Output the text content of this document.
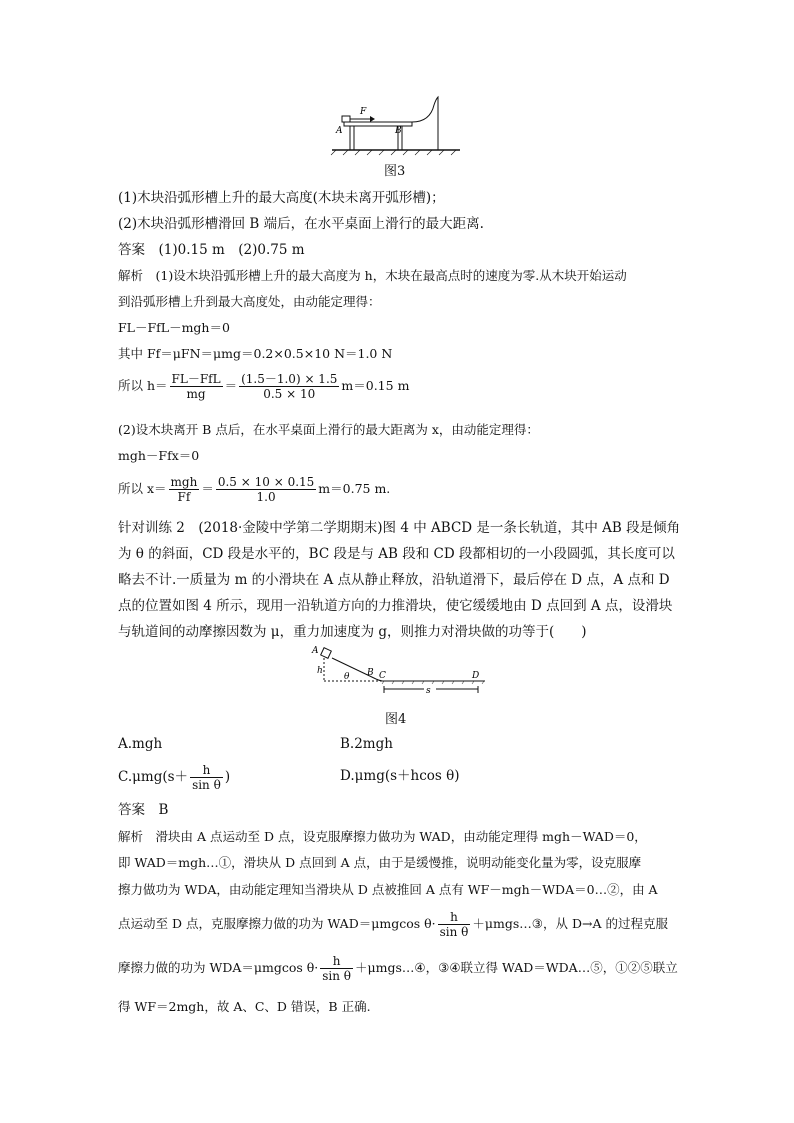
A	B
F
图3
(1)木块沿弧形槽上升的最大高度(木块未离开弧形槽)；
(2)木块沿弧形槽滑回 B 端后，在水平桌面上滑行的最大距离.
答案　(1)0.15 m　(2)0.75 m
解析　(1)设木块沿弧形槽上升的最大高度为 h，木块在最高点时的速度为零.从木块开始运动
到沿弧形槽上升到最大高度处，由动能定理得：
FL－FfL－mgh＝0
其中 Ff＝μFN＝μmg＝0.2×0.5×10 N＝1.0 N
所以 $h= \frac{\text{FL－FfL}}{mg} = \frac{(1.5-1.0) \times 1.5}{0.5 \times 10} m=0.15$ m
(2)设木块离开 B 点后，在水平桌面上滑行的最大距离为 x，由动能定理得：
mgh－Ffx＝0
所以 $x= \frac{\text{mgh}}{Ff} = \frac{0.5 \times 10 \times 0.15}{1.0} m=0.75$ m.
针对训练 2　(2018·金陵中学第二学期期末)图 4 中 ABCD 是一条长轨道，其中 AB 段是倾角
为 θ 的斜面，CD 段是水平的，BC 段是与 AB 段和 CD 段都相切的一小段圆弧，其长度可以
略去不计.一质量为 m 的小滑块在 A 点从静止释放，沿轨道滑下，最后停在 D 点，A 点和 D
点的位置如图 4 所示，现用一沿轨道方向的力推滑块，使它缓缓地由 D 点回到 A 点，设滑块
与轨道间的动摩擦因数为 μ，重力加速度为 g，则推力对滑块做的功等于(　　)
A
h
θ B C	D
s
图4
A.mgh	B.2mgh
$C.\mu mg(s+ \frac{h}{\text{sin θ}}$ )	D.μmg(s＋hcos θ)
答案　B
解析　滑块由 A 点运动至 D 点，设克服摩擦力做功为 WAD，由动能定理得 mgh－WAD＝0，
即 WAD＝mgh…①，滑块从 D 点回到 A 点，由于是缓慢推，说明动能变化量为零，设克服摩
擦力做功为 WDA，由动能定理知当滑块从 D 点被推回 A 点有 WF－mgh－WDA＝0…②，由 A
点运动至 D 点，克服摩擦力做的功为 WAD＝μmgcos $\theta\cdot \frac{h}{\text{sin θ}}$ ＋μmgs…③，从 D→A 的过程克服
摩擦力做的功为 WDA＝μmgcos $\theta\cdot \frac{h}{\text{sin θ}}$ ＋μmgs…④，③④联立得 WAD＝WDA…⑤，①②⑤联立
得 WF＝2mgh，故 A、C、D 错误，B 正确.
